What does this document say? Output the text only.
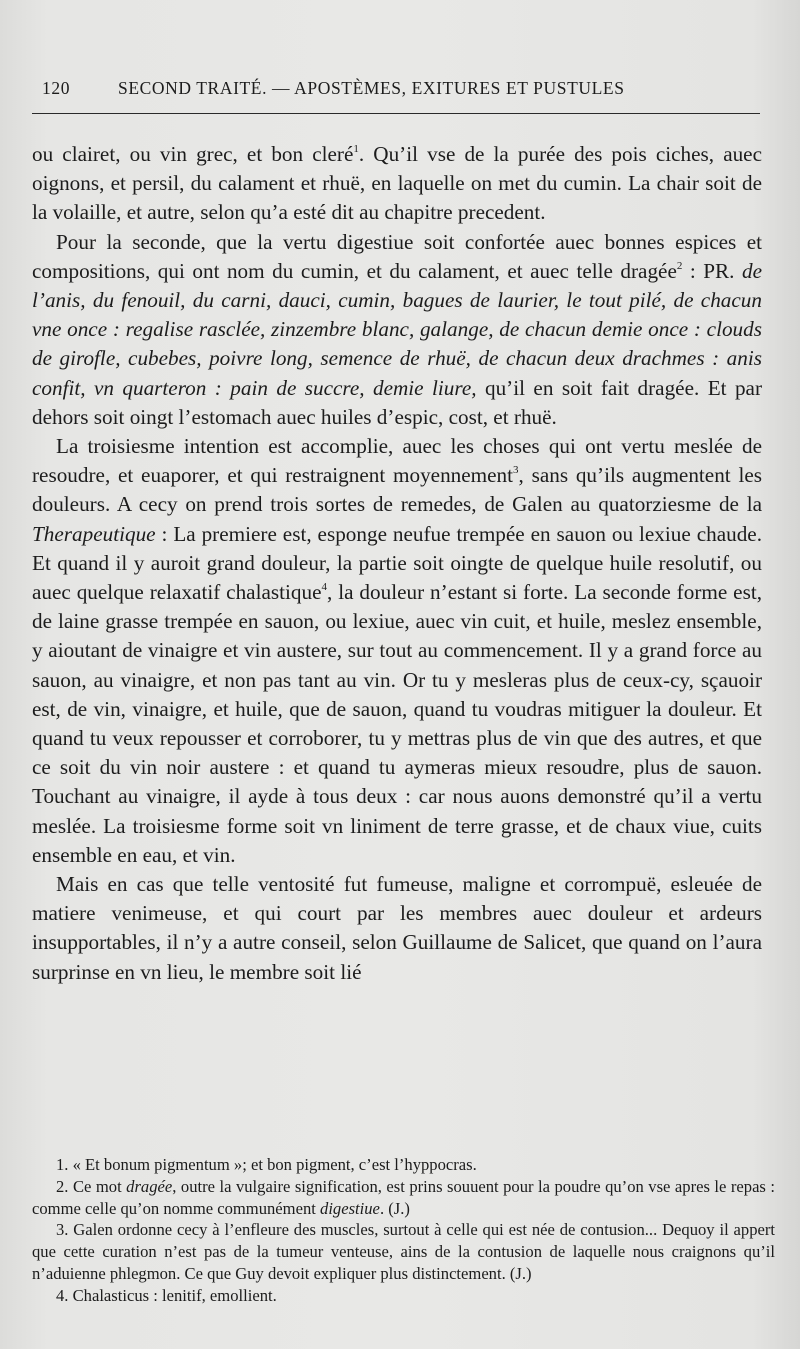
120	SECOND TRAITÉ. — APOSTÈMES, EXITURES ET PUSTULES

ou clairet, ou vin grec, et bon cleré$^1$. Qu’il vse de la purée des pois ciches, auec oignons, et persil, du calament et rhuë, en laquelle on met du cumin. La chair soit de la volaille, et autre, selon qu’a esté dit au chapitre precedent.

Pour la seconde, que la vertu digestiue soit confortée auec bonnes espices et compositions, qui ont nom du cumin, et du calament, et auec telle dragée$^2$ : PR. de l’anis, du fenouil, du carni, dauci, cumin, bagues de laurier, le tout pilé, de chacun vne once : regalise rasclée, zinzembre blanc, galange, de chacun demie once : clouds de girofle, cubebes, poivre long, semence de rhuë, de chacun deux drachmes : anis confit, vn quarteron : pain de succre, demie liure, qu’il en soit fait dragée. Et par dehors soit oingt l’estomach auec huiles d’espic, cost, et rhuë.

La troisiesme intention est accomplie, auec les choses qui ont vertu meslée de resoudre, et euaporer, et qui restraignent moyennement$^3$, sans qu’ils augmentent les douleurs. A cecy on prend trois sortes de remedes, de Galen au quatorziesme de la Therapeutique : La premiere est, esponge neufue trempée en sauon ou lexiue chaude. Et quand il y auroit grand douleur, la partie soit oingte de quelque huile resolutif, ou auec quelque relaxatif chalastique$^4$, la douleur n’estant si forte. La seconde forme est, de laine grasse trempée en sauon, ou lexiue, auec vin cuit, et huile, meslez ensemble, y aioutant de vinaigre et vin austere, sur tout au commencement. Il y a grand force au sauon, au vinaigre, et non pas tant au vin. Or tu y mesleras plus de ceux-cy, sçauoir est, de vin, vinaigre, et huile, que de sauon, quand tu voudras mitiguer la douleur. Et quand tu veux repousser et corroborer, tu y mettras plus de vin que des autres, et que ce soit du vin noir austere : et quand tu aymeras mieux resoudre, plus de sauon. Touchant au vinaigre, il ayde à tous deux : car nous auons demonstré qu’il a vertu meslée. La troisiesme forme soit vn liniment de terre grasse, et de chaux viue, cuits ensemble en eau, et vin.

Mais en cas que telle ventosité fut fumeuse, maligne et corrompuë, esleuée de matiere venimeuse, et qui court par les membres auec douleur et ardeurs insupportables, il n’y a autre conseil, selon Guillaume de Salicet, que quand on l’aura surprinse en vn lieu, le membre soit lié

1. « Et bonum pigmentum »; et bon pigment, c’est l’hyppocras.

2. Ce mot dragée, outre la vulgaire signification, est prins souuent pour la poudre qu’on vse apres le repas : comme celle qu’on nomme communément digestiue. (J.)

3. Galen ordonne cecy à l’enfleure des muscles, surtout à celle qui est née de contusion... Dequoy il appert que cette curation n’est pas de la tumeur venteuse, ains de la contusion de laquelle nous craignons qu’il n’aduienne phlegmon. Ce que Guy devoit expliquer plus distinctement. (J.)

4. Chalasticus : lenitif, emollient.
